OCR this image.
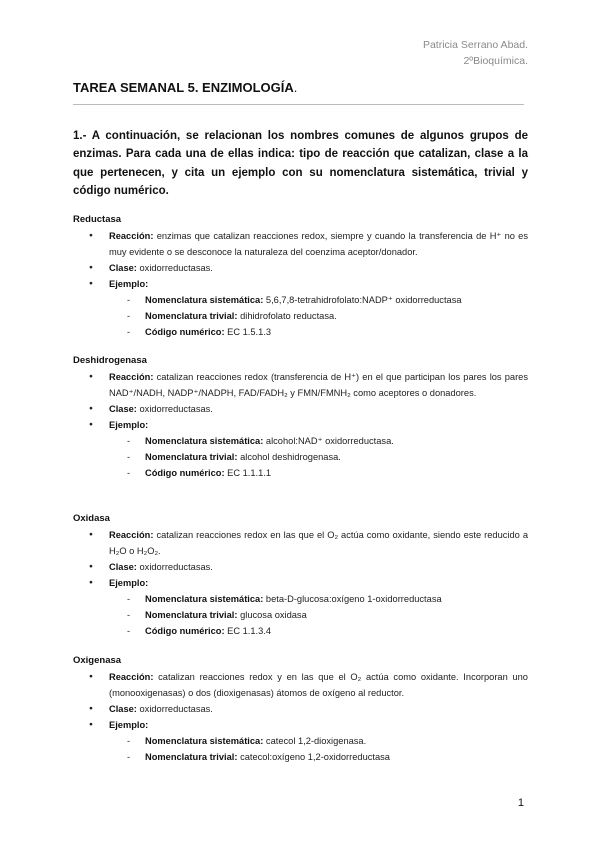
Patricia Serrano Abad.
2ºBioquímica.
TAREA SEMANAL 5. ENZIMOLOGÍA.
1.- A continuación, se relacionan los nombres comunes de algunos grupos de enzimas. Para cada una de ellas indica: tipo de reacción que catalizan, clase a la que pertenecen, y cita un ejemplo con su nomenclatura sistemática, trivial y código numérico.
Reductasa
● Reacción: enzimas que catalizan reacciones redox, siempre y cuando la transferencia de H⁺ no es muy evidente o se desconoce la naturaleza del coenzima aceptor/donador.
● Clase: oxidorreductasas.
● Ejemplo:
- Nomenclatura sistemática: 5,6,7,8-tetrahidrofolato:NADP⁺ oxidorreductasa
- Nomenclatura trivial: dihidrofolato reductasa.
- Código numérico: EC 1.5.1.3
Deshidrogenasa
● Reacción: catalizan reacciones redox (transferencia de H⁺) en el que participan los pares los pares NAD⁺/NADH, NADP⁺/NADPH, FAD/FADH₂ y FMN/FMNH₂ como aceptores o donadores.
● Clase: oxidorreductasas.
● Ejemplo:
- Nomenclatura sistemática: alcohol:NAD⁺ oxidorreductasa.
- Nomenclatura trivial: alcohol deshidrogenasa.
- Código numérico: EC 1.1.1.1
Oxidasa
● Reacción: catalizan reacciones redox en las que el O₂ actúa como oxidante, siendo este reducido a H₂O o H₂O₂.
● Clase: oxidorreductasas.
● Ejemplo:
- Nomenclatura sistemática: beta-D-glucosa:oxígeno 1-oxidorreductasa
- Nomenclatura trivial: glucosa oxidasa
- Código numérico: EC 1.1.3.4
Oxigenasa
● Reacción: catalizan reacciones redox y en las que el O₂ actúa como oxidante. Incorporan uno (monooxigenasas) o dos (dioxigenasas) átomos de oxígeno al reductor.
● Clase: oxidorreductasas.
● Ejemplo:
- Nomenclatura sistemática: catecol 1,2-dioxigenasa.
- Nomenclatura trivial: catecol:oxígeno 1,2-oxidorreductasa
1
